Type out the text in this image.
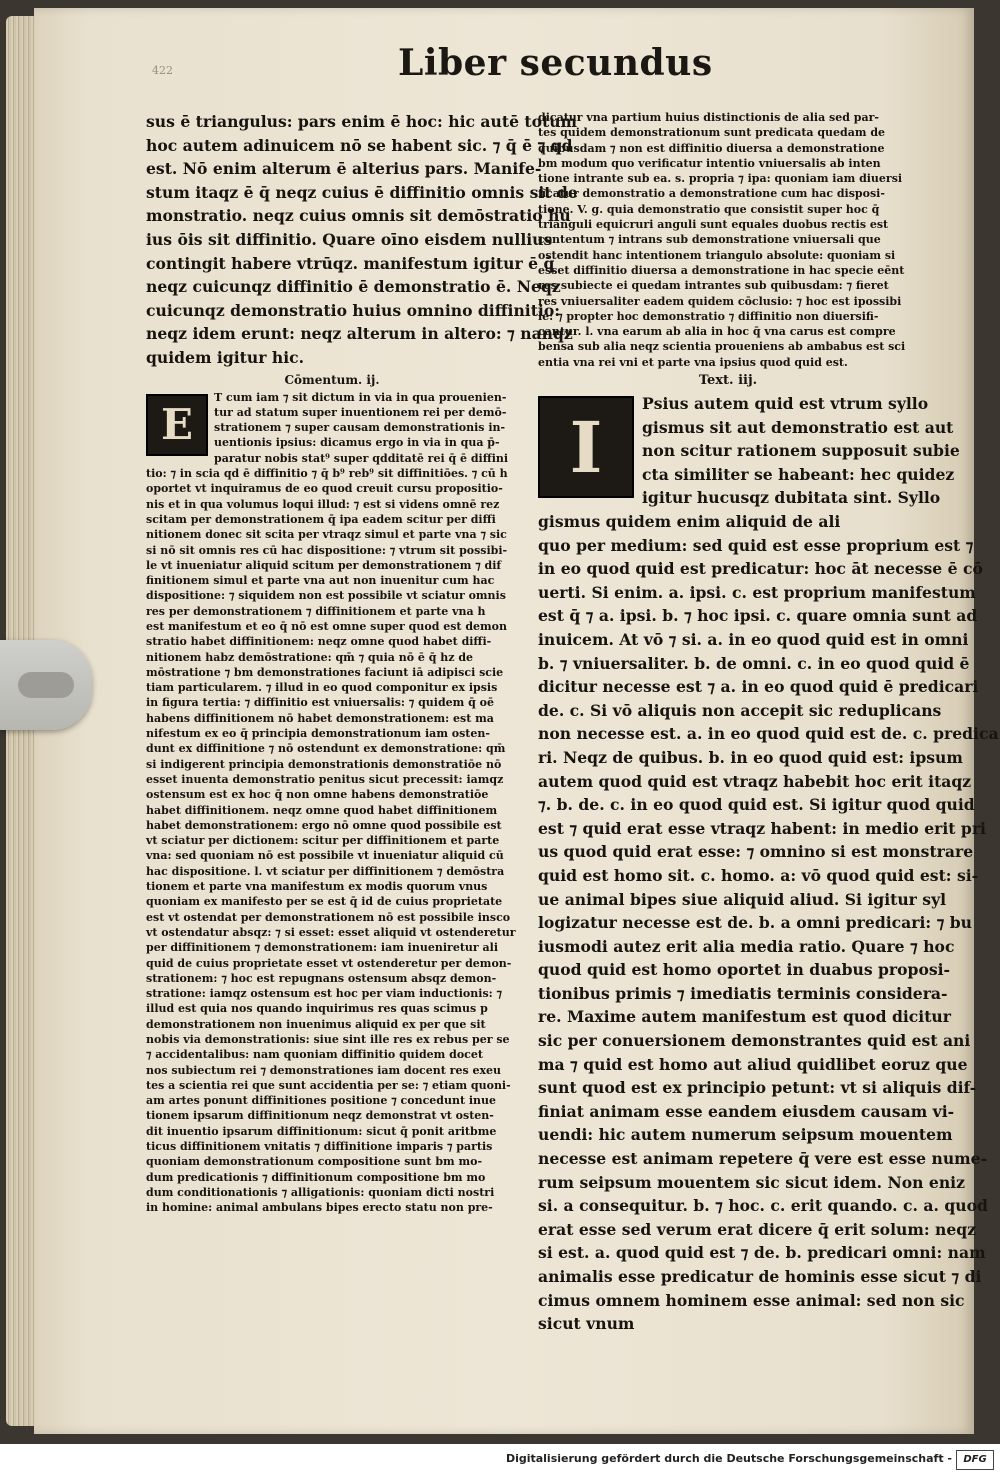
422	Liber secundus
sus ē triangulus: pars enim ē hoc: hic autē totum
hoc autem adinuicem nō se habent sic. ⁊ q̄ ē ⁊ qd
est. Nō enim alterum ē alterius pars. Manife-
stum itaqz ē q̄ neqz cuius ē diffinitio omnis sit de
monstratio. neqz cuius omnis sit demōstratio hu
ius ōis sit diffinitio. Quare oīno eisdem nullius
contingit habere vtrūqz. manifestum igitur ē q̄
neqz cuicunqz diffinitio ē demonstratio ē. Neqz
cuicunqz demonstratio huius omnino diffinitio:
neqz idem erunt: neqz alterum in altero: ⁊ nanqz
quidem igitur hic.
Cōmentum. ij.
E
T cum iam ⁊ sit dictum in via in qua prouenien-
tur ad statum super inuentionem rei per demō-
strationem ⁊ super causam demonstrationis in-
uentionis ipsius: dicamus ergo in via in qua p̄-
paratur nobis stat⁹ super qdditatē rei q̄ ē diffini
tio: ⁊ in scia qd ē diffinitio ⁊ q̄ b⁹ reb⁹ sit diffinitiōes. ⁊ cū h
oportet vt inquiramus de eo quod creuit cursu propositio-
nis et in qua volumus loqui illud: ⁊ est si videns omnē rez
scitam per demonstrationem q̄ ipa eadem scitur per diffi
nitionem donec sit scita per vtraqz simul et parte vna ⁊ sic
si nō sit omnis res cū hac dispositione: ⁊ vtrum sit possibi-
le vt inueniatur aliquid scitum per demonstrationem ⁊ dif
finitionem simul et parte vna aut non inuenitur cum hac
dispositione: ⁊ siquidem non est possibile vt sciatur omnis
res per demonstrationem ⁊ diffinitionem et parte vna h
est manifestum et eo q̄ nō est omne super quod est demon
stratio habet diffinitionem: neqz omne quod habet diffi-
nitionem habz demōstratione: qm̄ ⁊ quia nō ē q̄ hz de
mōstratione ⁊ bm demonstrationes faciunt iā adipisci scie
tiam particularem. ⁊ illud in eo quod componitur ex ipsis
in figura tertia: ⁊ diffinitio est vniuersalis: ⁊ quidem q̄ oē
habens diffinitionem nō habet demonstrationem: est ma
nifestum ex eo q̄ principia demonstrationum iam osten-
dunt ex diffinitione ⁊ nō ostendunt ex demonstratione: qm̄
si indigerent principia demonstrationis demonstratiōe nō
esset inuenta demonstratio penitus sicut precessit: iamqz
ostensum est ex hoc q̄ non omne habens demonstratiōe
habet diffinitionem. neqz omne quod habet diffinitionem
habet demonstrationem: ergo nō omne quod possibile est
vt sciatur per dictionem: scitur per diffinitionem et parte
vna: sed quoniam nō est possibile vt inueniatur aliquid cū
hac dispositione. l. vt sciatur per diffinitionem ⁊ demōstra
tionem et parte vna manifestum ex modis quorum vnus
quoniam ex manifesto per se est q̄ id de cuius proprietate
est vt ostendat per demonstrationem nō est possibile insco
vt ostendatur absqz: ⁊ si esset: esset aliquid vt ostenderetur
per diffinitionem ⁊ demonstrationem: iam inueniretur ali
quid de cuius proprietate esset vt ostenderetur per demon-
strationem: ⁊ hoc est repugnans ostensum absqz demon-
stratione: iamqz ostensum est hoc per viam inductionis: ⁊
illud est quia nos quando inquirimus res quas scimus p
demonstrationem non inuenimus aliquid ex per que sit
nobis via demonstrationis: siue sint ille res ex rebus per se
⁊ accidentalibus: nam quoniam diffinitio quidem docet
nos subiectum rei ⁊ demonstrationes iam docent res exeu
tes a scientia rei que sunt accidentia per se: ⁊ etiam quoni-
am artes ponunt diffinitiones positione ⁊ concedunt inue
tionem ipsarum diffinitionum neqz demonstrat vt osten-
dit inuentio ipsarum diffinitionum: sicut q̄ ponit aritbme
ticus diffinitionem vnitatis ⁊ diffinitione imparis ⁊ partis
quoniam demonstrationum compositione sunt bm mo-
dum predicationis ⁊ diffinitionum compositione bm mo
dum conditionationis ⁊ alligationis: quoniam dicti nostri
in homine: animal ambulans bipes erecto statu non pre-
dicatur vna partium huius distinctionis de alia sed par-
tes quidem demonstrationum sunt predicata quedam de
quibusdam ⁊ non est diffinitio diuersa a demonstratione
bm modum quo verificatur intentio vniuersalis ab inten
tione intrante sub ea. s. propria ⁊ ipa: quoniam iam diuersi
ficatur demonstratio a demonstratione cum hac disposi-
tione. V. g. quia demonstratio que consistit super hoc q̄
trianguli equicruri anguli sunt equales duobus rectis est
contentum ⁊ intrans sub demonstratione vniuersali que
ostendit hanc intentionem triangulo absolute: quoniam si
esset diffinitio diuersa a demonstratione in hac specie eēnt
res subiecte ei quedam intrantes sub quibusdam: ⁊ fieret
res vniuersaliter eadem quidem cōclusio: ⁊ hoc est ipossibi
le: ⁊ propter hoc demonstratio ⁊ diffinitio non diuersifi-
cantur. l. vna earum ab alia in hoc q̄ vna carus est compre
bensa sub alia neqz scientia proueniens ab ambabus est sci
entia vna rei vni et parte vna ipsius quod quid est.
Text. iij.
I
Psius autem quid est vtrum syllo
gismus sit aut demonstratio est aut
non scitur rationem supposuit subie
cta similiter se habeant: hec quidez
igitur hucusqz dubitata sint. Syllo
gismus quidem enim aliquid de ali
quo per medium: sed quid est esse proprium est ⁊
in eo quod quid est predicatur: hoc āt necesse ē cō
uerti. Si enim. a. ipsi. c. est proprium manifestum
est q̄ ⁊ a. ipsi. b. ⁊ hoc ipsi. c. quare omnia sunt ad
inuicem. At vō ⁊ si. a. in eo quod quid est in omni
b. ⁊ vniuersaliter. b. de omni. c. in eo quod quid ē
dicitur necesse est ⁊ a. in eo quod quid ē predicari
de. c. Si vō aliquis non accepit sic reduplicans
non necesse est. a. in eo quod quid est de. c. predica
ri. Neqz de quibus. b. in eo quod quid est: ipsum
autem quod quid est vtraqz habebit hoc erit itaqz
⁊. b. de. c. in eo quod quid est. Si igitur quod quid
est ⁊ quid erat esse vtraqz habent: in medio erit pri
us quod quid erat esse: ⁊ omnino si est monstrare
quid est homo sit. c. homo. a: vō quod quid est: si-
ue animal bipes siue aliquid aliud. Si igitur syl
logizatur necesse est de. b. a omni predicari: ⁊ bu
iusmodi autez erit alia media ratio. Quare ⁊ hoc
quod quid est homo oportet in duabus proposi-
tionibus primis ⁊ imediatis terminis considera-
re. Maxime autem manifestum est quod dicitur
sic per conuersionem demonstrantes quid est ani
ma ⁊ quid est homo aut aliud quidlibet eoruz que
sunt quod est ex principio petunt: vt si aliquis dif-
finiat animam esse eandem eiusdem causam vi-
uendi: hic autem numerum seipsum mouentem
necesse est animam repetere q̄ vere est esse nume-
rum seipsum mouentem sic sicut idem. Non eniz
si. a consequitur. b. ⁊ hoc. c. erit quando. c. a. quod
erat esse sed verum erat dicere q̄ erit solum: neqz
si est. a. quod quid est ⁊ de. b. predicari omni: nam
animalis esse predicatur de hominis esse sicut ⁊ di
cimus omnem hominem esse animal: sed non sic
sicut vnum
Digitalisierung gefördert durch die Deutsche Forschungsgemeinschaft -	DFG
